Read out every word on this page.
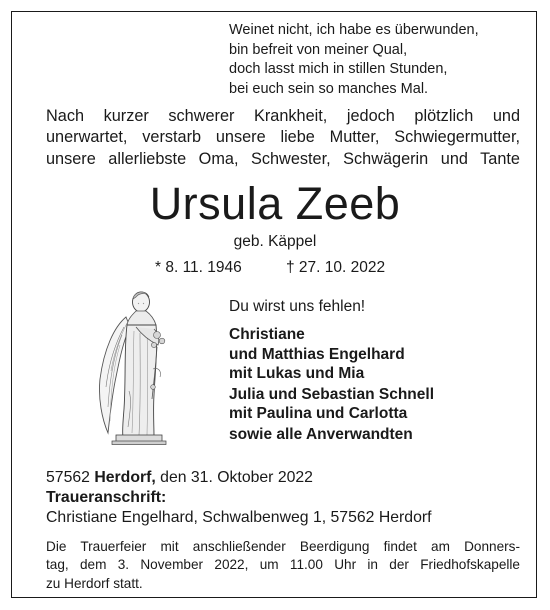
Weinet nicht, ich habe es überwunden,
bin befreit von meiner Qual,
doch lasst mich in stillen Stunden,
bei euch sein so manches Mal.
Nach kurzer schwerer Krankheit, jedoch plötzlich und
unerwartet, verstarb unsere liebe Mutter, Schwiegermutter,
unsere allerliebste Oma, Schwester, Schwägerin und Tante
Ursula Zeeb
geb. Käppel
* 8. 11. 1946	† 27. 10. 2022
Du wirst uns fehlen!
Christiane
und Matthias Engelhard
mit Lukas und Mia
Julia und Sebastian Schnell
mit Paulina und Carlotta
sowie alle Anverwandten
57562 Herdorf, den 31. Oktober 2022
Traueranschrift:
Christiane Engelhard, Schwalbenweg 1, 57562 Herdorf
Die Trauerfeier mit anschließender Beerdigung findet am Donners-
tag, dem 3. November 2022, um 11.00 Uhr in der Friedhofskapelle
zu Herdorf statt.
